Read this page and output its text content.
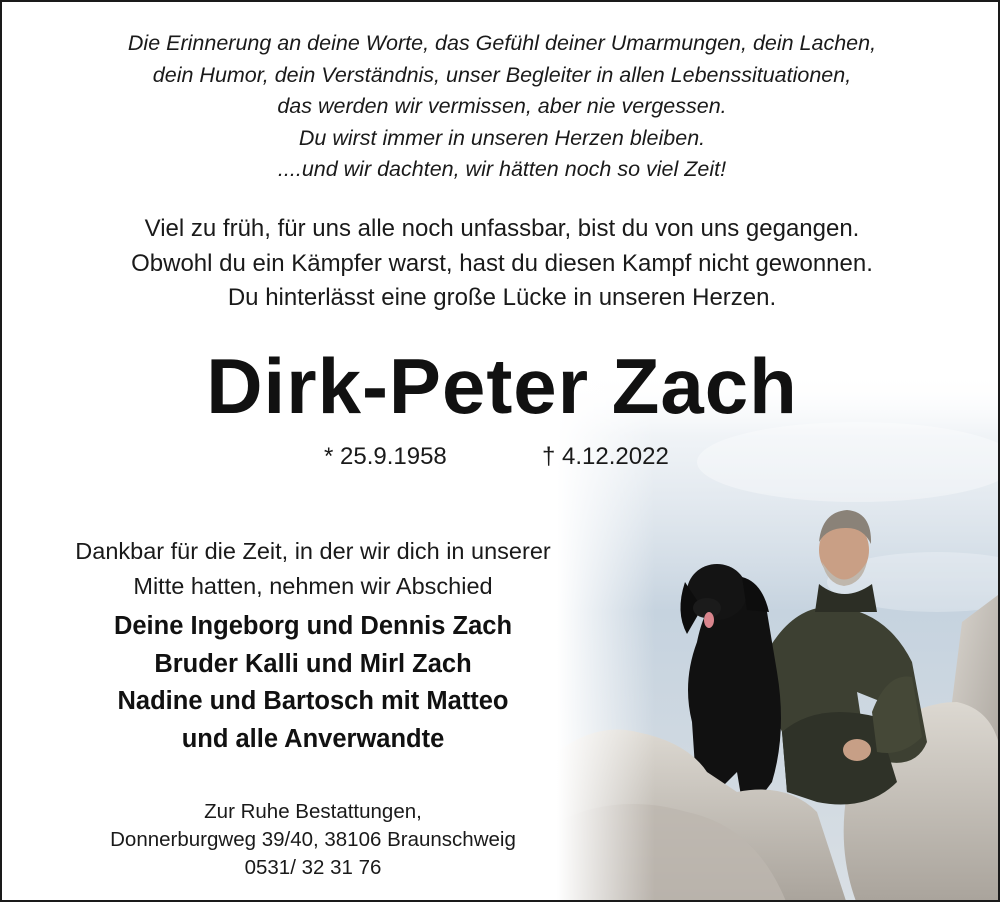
Die Erinnerung an deine Worte, das Gefühl deiner Umarmungen, dein Lachen,
dein Humor, dein Verständnis, unser Begleiter in allen Lebenssituationen,
das werden wir vermissen, aber nie vergessen.
Du wirst immer in unseren Herzen bleiben.
....und wir dachten, wir hätten noch so viel Zeit!
Viel zu früh, für uns alle noch unfassbar, bist du von uns gegangen.
Obwohl du ein Kämpfer warst, hast du diesen Kampf nicht gewonnen.
Du hinterlässt eine große Lücke in unseren Herzen.
Dirk-Peter Zach
* 25.9.1958	† 4.12.2022
Dankbar für die Zeit, in der wir dich in unserer
Mitte hatten, nehmen wir Abschied
Deine Ingeborg und Dennis Zach
Bruder Kalli und Mirl Zach
Nadine und Bartosch mit Matteo
und alle Anverwandte
Zur Ruhe Bestattungen,
Donnerburgweg 39/40, 38106 Braunschweig
0531/ 32 31 76
